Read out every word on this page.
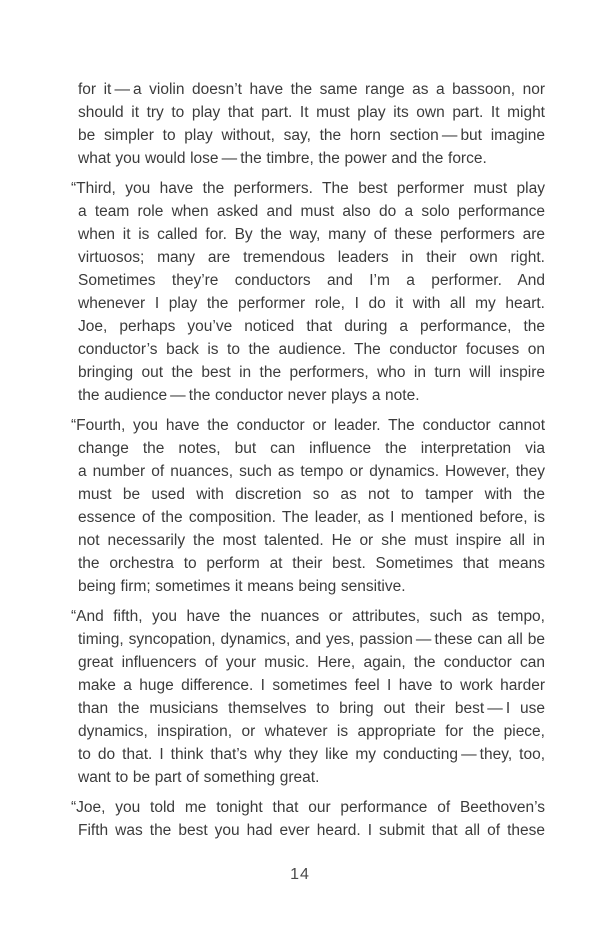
for it — a violin doesn’t have the same range as a bassoon, nor
should it try to play that part. It must play its own part. It might
be simpler to play without, say, the horn section — but imagine
what you would lose — the timbre, the power and the force.
“Third, you have the performers. The best performer must play
a team role when asked and must also do a solo performance
when it is called for. By the way, many of these performers are
virtuosos; many are tremendous leaders in their own right.
Sometimes they’re conductors and I’m a performer. And
whenever I play the performer role, I do it with all my heart.
Joe, perhaps you’ve noticed that during a performance, the
conductor’s back is to the audience. The conductor focuses on
bringing out the best in the performers, who in turn will inspire
the audience — the conductor never plays a note.
“Fourth, you have the conductor or leader. The conductor cannot
change the notes, but can influence the interpretation via
a number of nuances, such as tempo or dynamics. However, they
must be used with discretion so as not to tamper with the
essence of the composition. The leader, as I mentioned before, is
not necessarily the most talented. He or she must inspire all in
the orchestra to perform at their best. Sometimes that means
being firm; sometimes it means being sensitive.
“And fifth, you have the nuances or attributes, such as tempo,
timing, syncopation, dynamics, and yes, passion — these can all be
great influencers of your music. Here, again, the conductor can
make a huge difference. I sometimes feel I have to work harder
than the musicians themselves to bring out their best — I use
dynamics, inspiration, or whatever is appropriate for the piece,
to do that. I think that’s why they like my conducting — they, too,
want to be part of something great.
“Joe, you told me tonight that our performance of Beethoven’s
Fifth was the best you had ever heard. I submit that all of these
14
